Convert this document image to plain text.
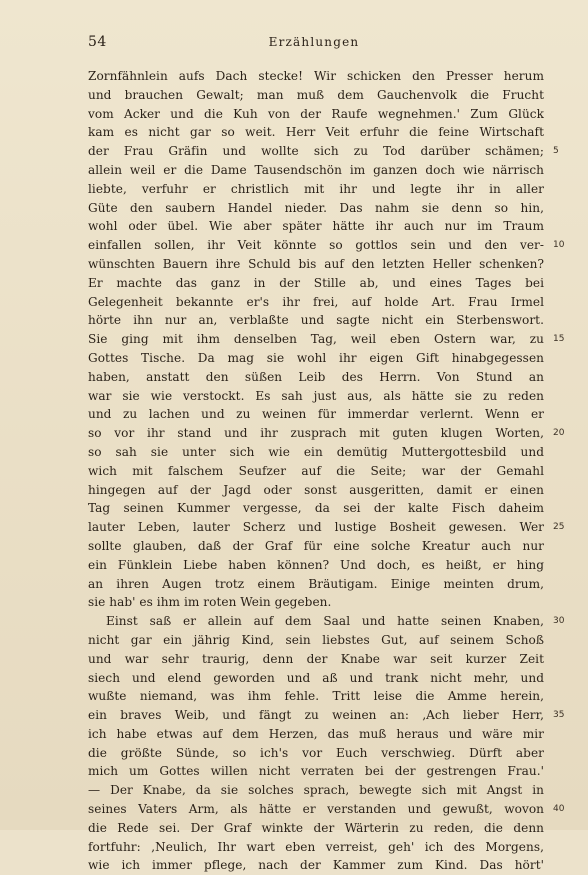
54	Erzählungen
Zornfähnlein aufs Dach stecke! Wir schicken den Presser herum
und brauchen Gewalt; man muß dem Gauchenvolk die Frucht
vom Acker und die Kuh von der Raufe wegnehmen.' Zum Glück
kam es nicht gar so weit. Herr Veit erfuhr die feine Wirtschaft
der Frau Gräfin und wollte sich zu Tod darüber schämen;
allein weil er die Dame Tausendschön im ganzen doch wie närrisch
liebte, verfuhr er christlich mit ihr und legte ihr in aller
Güte den saubern Handel nieder. Das nahm sie denn so hin,
wohl oder übel. Wie aber später hätte ihr auch nur im Traum
einfallen sollen, ihr Veit könnte so gottlos sein und den ver-
wünschten Bauern ihre Schuld bis auf den letzten Heller schenken?
Er machte das ganz in der Stille ab, und eines Tages bei
Gelegenheit bekannte er's ihr frei, auf holde Art. Frau Irmel
hörte ihn nur an, verblaßte und sagte nicht ein Sterbenswort.
Sie ging mit ihm denselben Tag, weil eben Ostern war, zu
Gottes Tische. Da mag sie wohl ihr eigen Gift hinabgegessen
haben, anstatt den süßen Leib des Herrn. Von Stund an
war sie wie verstockt. Es sah just aus, als hätte sie zu reden
und zu lachen und zu weinen für immerdar verlernt. Wenn er
so vor ihr stand und ihr zusprach mit guten klugen Worten,
so sah sie unter sich wie ein demütig Muttergottesbild und
wich mit falschem Seufzer auf die Seite; war der Gemahl
hingegen auf der Jagd oder sonst ausgeritten, damit er einen
Tag seinen Kummer vergesse, da sei der kalte Fisch daheim
lauter Leben, lauter Scherz und lustige Bosheit gewesen. Wer
sollte glauben, daß der Graf für eine solche Kreatur auch nur
ein Fünklein Liebe haben können? Und doch, es heißt, er hing
an ihren Augen trotz einem Bräutigam. Einige meinten drum,
sie hab' es ihm im roten Wein gegeben.
Einst saß er allein auf dem Saal und hatte seinen Knaben,
nicht gar ein jährig Kind, sein liebstes Gut, auf seinem Schoß
und war sehr traurig, denn der Knabe war seit kurzer Zeit
siech und elend geworden und aß und trank nicht mehr, und
wußte niemand, was ihm fehle. Tritt leise die Amme herein,
ein braves Weib, und fängt zu weinen an: ‚Ach lieber Herr,
ich habe etwas auf dem Herzen, das muß heraus und wäre mir
die größte Sünde, so ich's vor Euch verschwieg. Dürft aber
mich um Gottes willen nicht verraten bei der gestrengen Frau.'
— Der Knabe, da sie solches sprach, bewegte sich mit Angst in
seines Vaters Arm, als hätte er verstanden und gewußt, wovon
die Rede sei. Der Graf winkte der Wärterin zu reden, die denn
fortfuhr: ‚Neulich, Ihr wart eben verreist, geh' ich des Morgens,
wie ich immer pflege, nach der Kammer zum Kind. Das hört'
5
10
15
20
25
30
35
40
